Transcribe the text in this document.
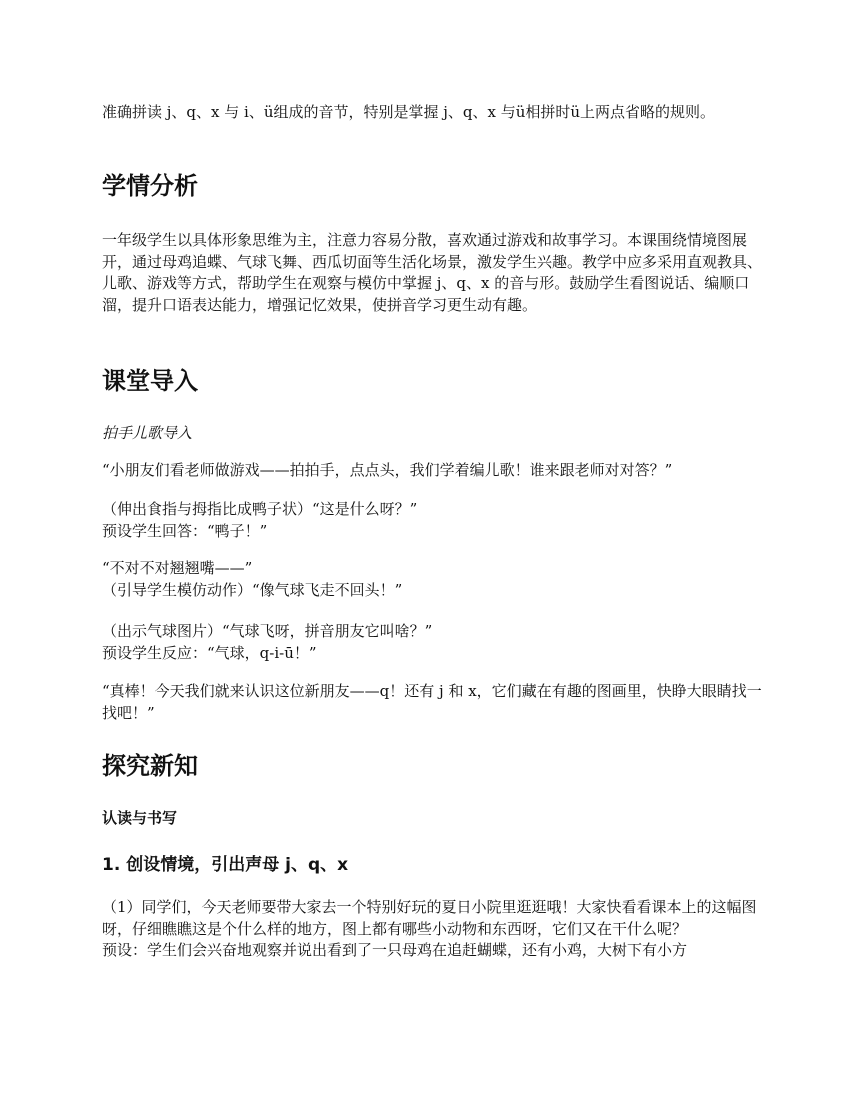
准确拼读 j、q、x 与 i、ü组成的音节，特别是掌握 j、q、x 与ü相拼时ü上两点省略的规则。

学情分析

一年级学生以具体形象思维为主，注意力容易分散，喜欢通过游戏和故事学习。本课围绕情境图展开，通过母鸡追蝶、气球飞舞、西瓜切面等生活化场景，激发学生兴趣。教学中应多采用直观教具、儿歌、游戏等方式，帮助学生在观察与模仿中掌握 j、q、x 的音与形。鼓励学生看图说话、编顺口溜，提升口语表达能力，增强记忆效果，使拼音学习更生动有趣。

课堂导入

拍手儿歌导入

“小朋友们看老师做游戏——拍拍手，点点头，我们学着编儿歌！谁来跟老师对对答？”

（伸出食指与拇指比成鸭子状）“这是什么呀？”

预设学生回答：“鸭子！”

“不对不对翘翘嘴——”

（引导学生模仿动作）“像气球飞走不回头！”

（出示气球图片）“气球飞呀，拼音朋友它叫啥？”

预设学生反应：“气球，q-i-ū！”

“真棒！今天我们就来认识这位新朋友——q！还有 j 和 x，它们藏在有趣的图画里，快睁大眼睛找一找吧！”

探究新知
认读与书写
1. 创设情境，引出声母 j、q、x

（1）同学们，今天老师要带大家去一个特别好玩的夏日小院里逛逛哦！大家快看看课本上的这幅图呀，仔细瞧瞧这是个什么样的地方，图上都有哪些小动物和东西呀，它们又在干什么呢？

预设：学生们会兴奋地观察并说出看到了一只母鸡在追赶蝴蝶，还有小鸡，大树下有小方
